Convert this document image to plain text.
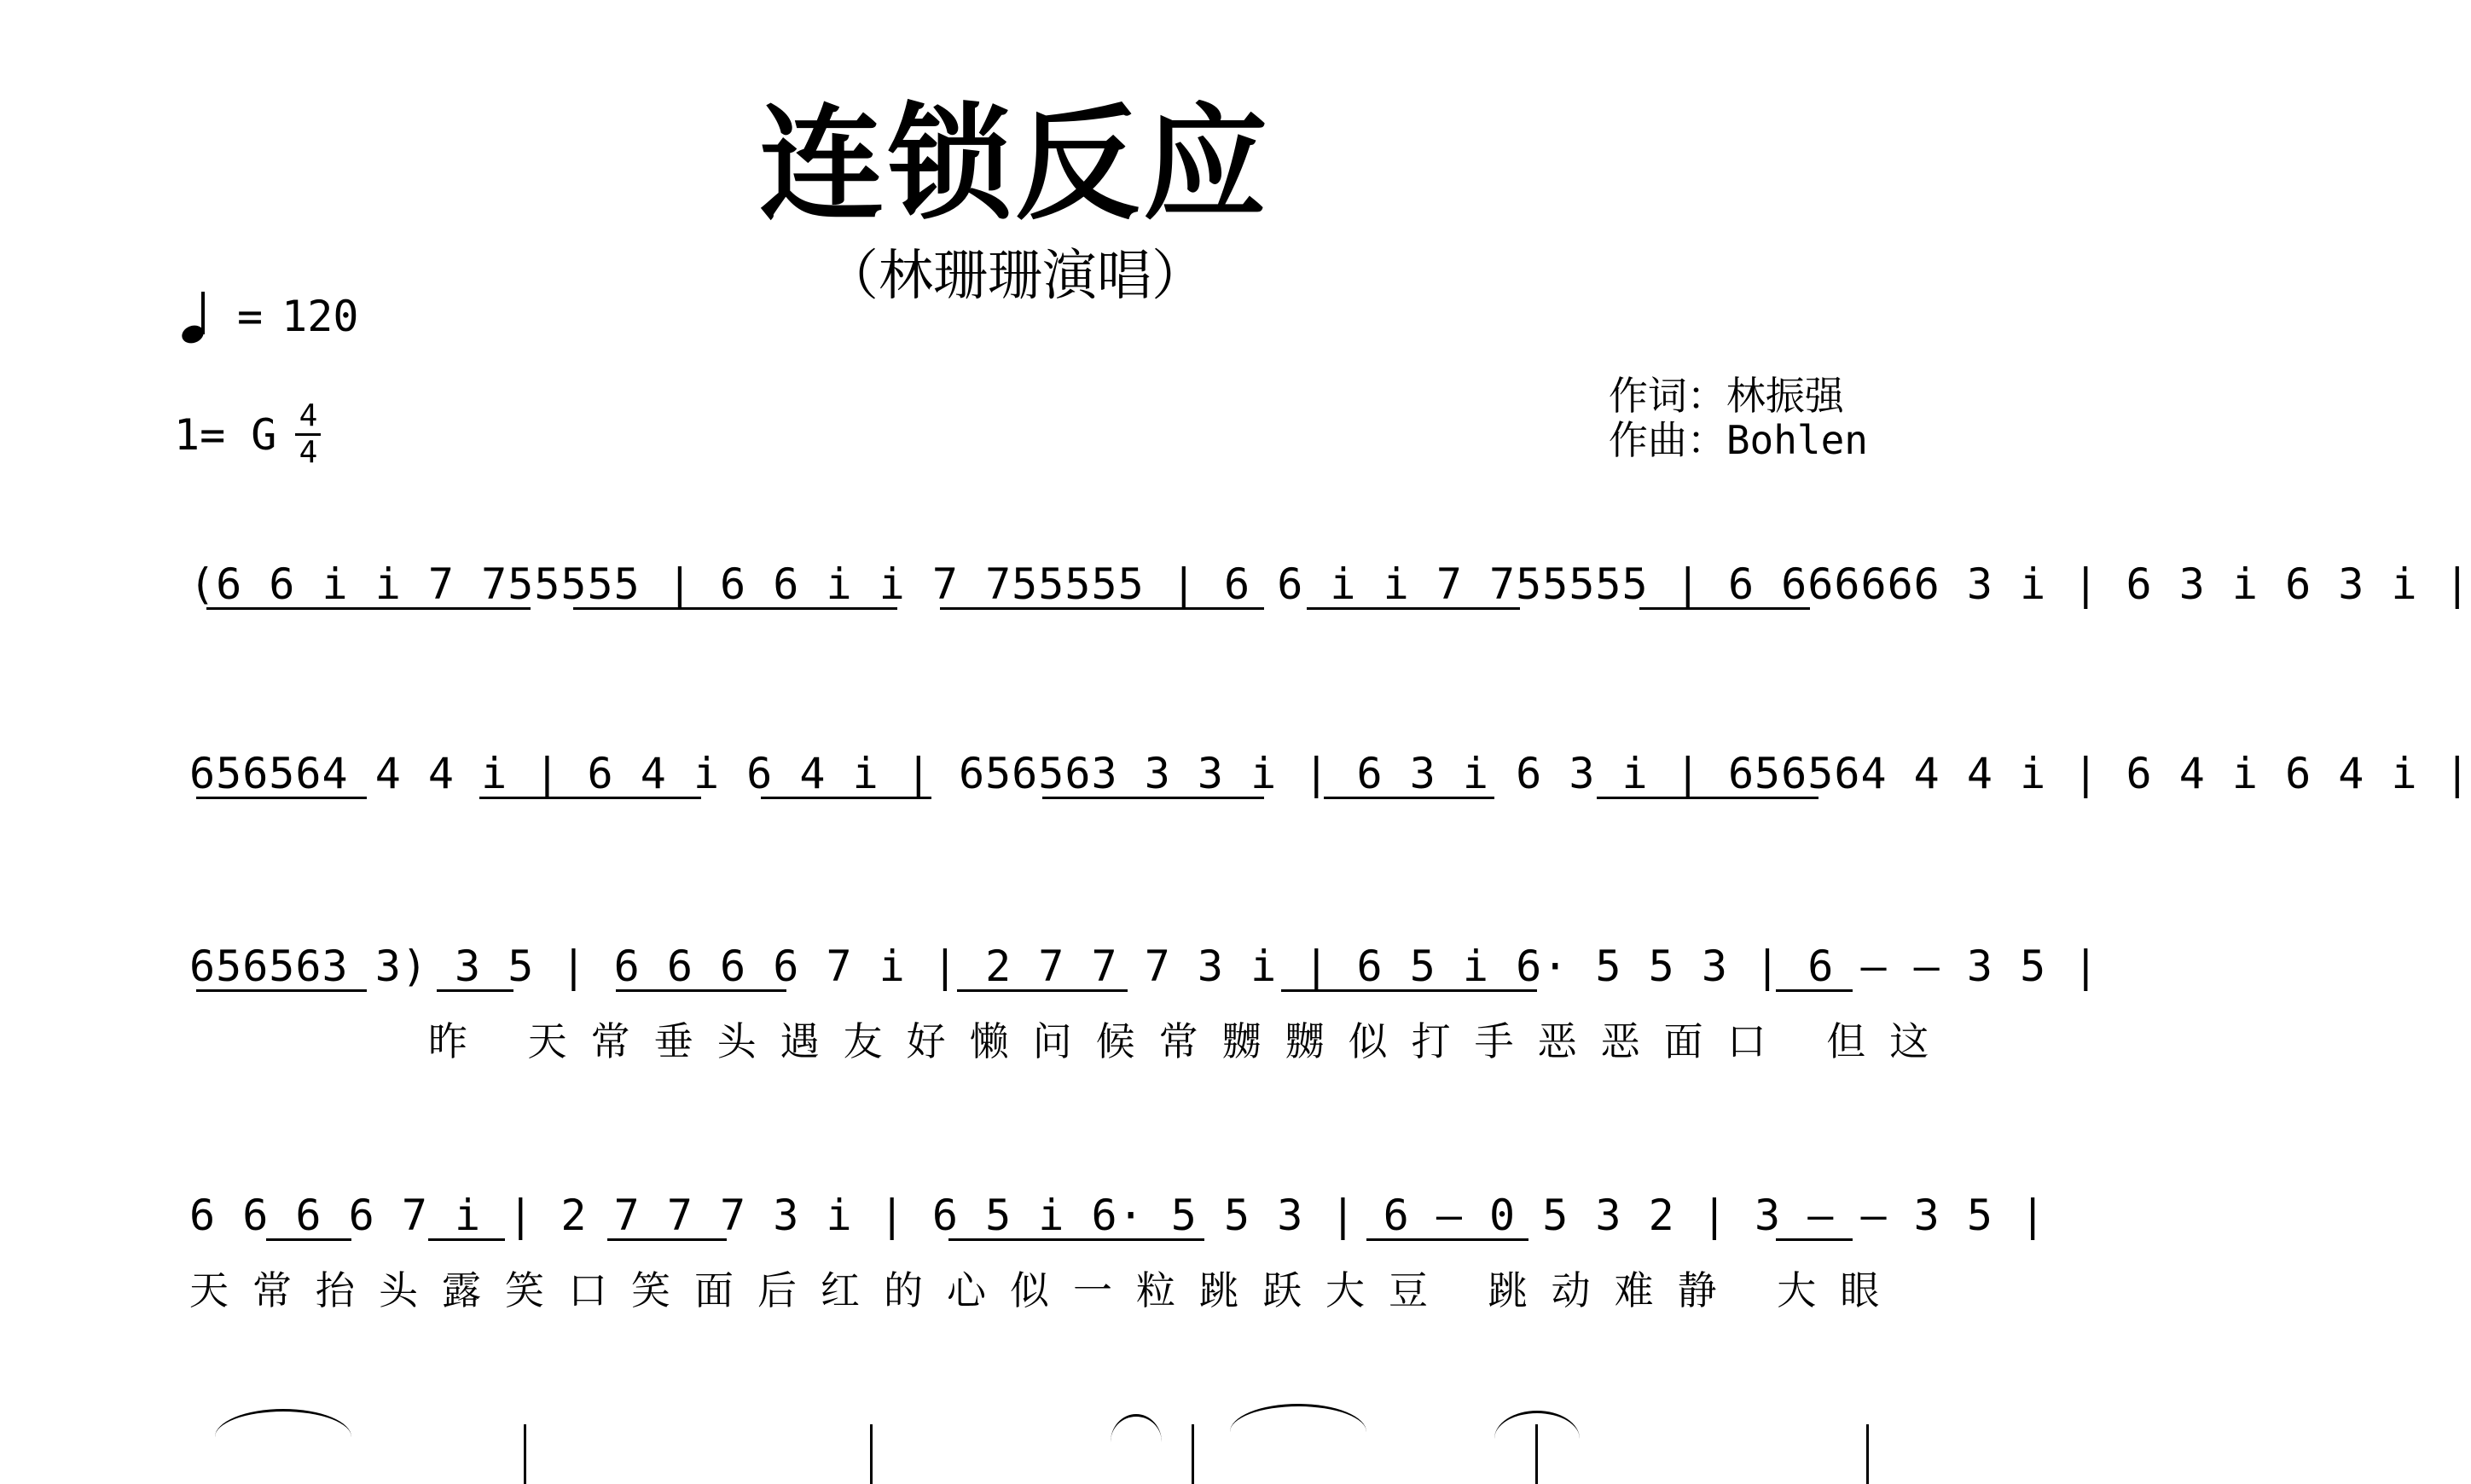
连锁反应
（林珊珊演唱）
= 120
1= G $\frac{4}{4}$
作词：林振强
作曲：Bohlen
(6 6 i i 7 755555 | 6 6 i i 7 755555 | 6 6 i i 7 755555 | 6 666666 3 i | 6 3 i 6 3 i |
656564 4 4 i | 6 4 i 6 4 i | 656563 3 3 i | 6 3 i 6 3 i | 656564 4 4 i | 6 4 i 6 4 i |
656563 3) 3 5 | 6 6 6 6 7 i | 2 7 7 7 3 i | 6 5 i 6· 5 5 3 | 6 — — 3 5 |
昨 天常垂头遇友好懒问候常嬲嬲似打手恶恶面口 但这
6 6 6 6 7 i | 2 7 7 7 3 i | 6 5 i 6· 5 5 3 | 6 — 0 5 3 2 | 3 — — 3 5 |
天常抬头露笑口笑面后红的心似一粒跳跃大豆 跳动难静 大眼
